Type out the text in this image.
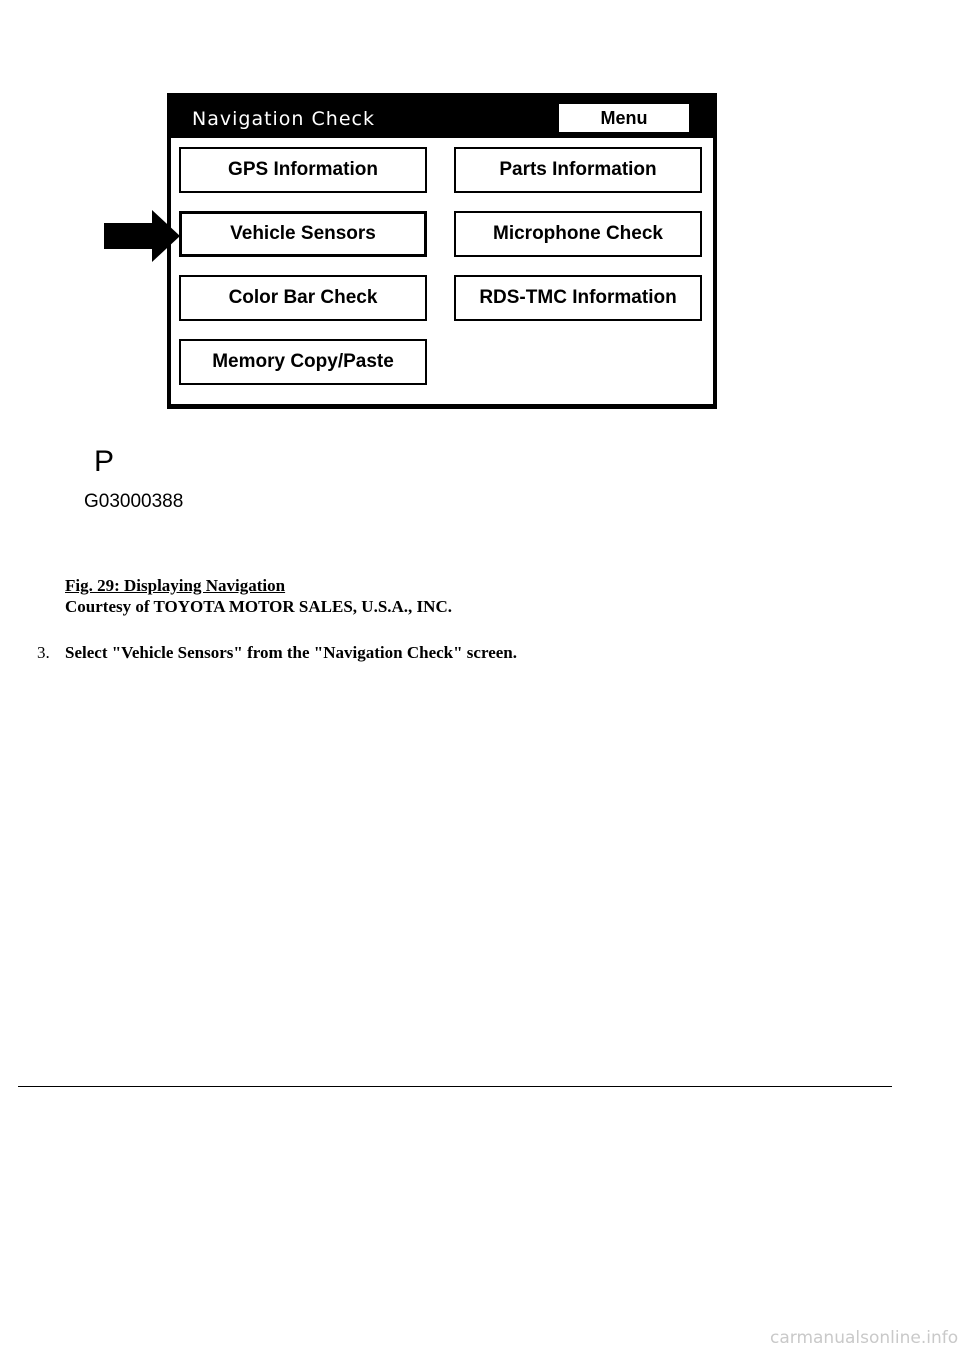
Navigation Check	Menu
GPS Information	Parts Information
Vehicle Sensors	Microphone Check
Color Bar Check	RDS-TMC Information
Memory Copy/Paste
P
G03000388
Fig. 29: Displaying Navigation
Courtesy of TOYOTA MOTOR SALES, U.S.A., INC.
3. Select "Vehicle Sensors" from the "Navigation Check" screen.
carmanualsonline.info
